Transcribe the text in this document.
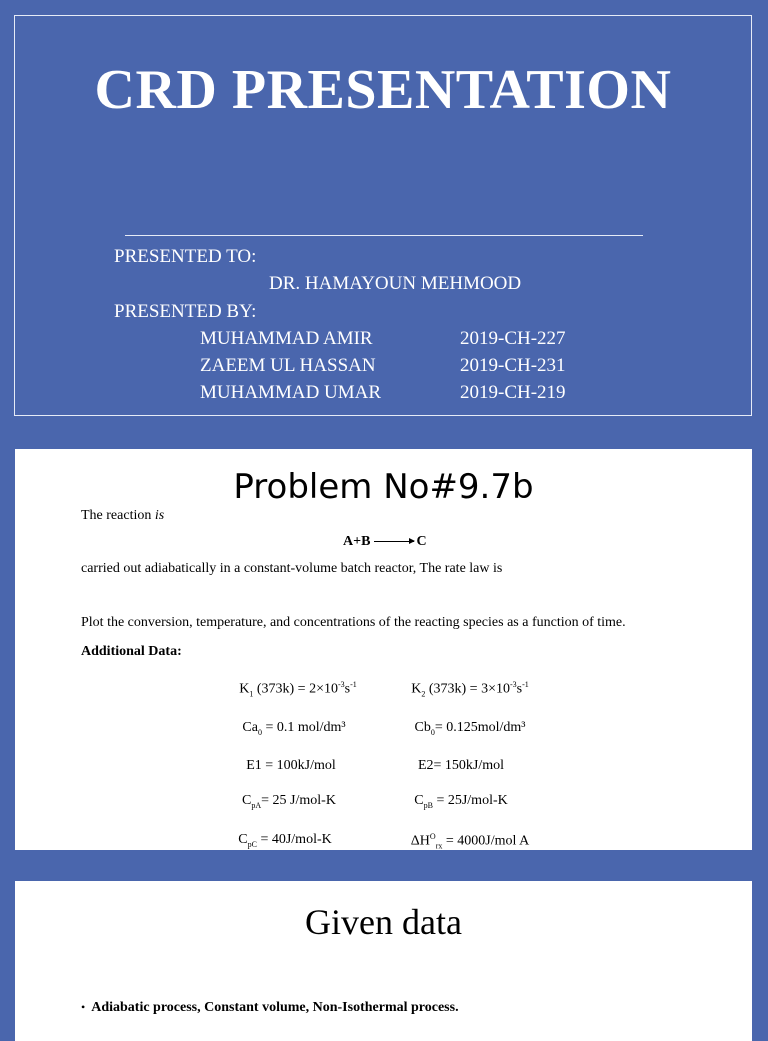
CRD PRESENTATION
PRESENTED TO:
DR. HAMAYOUN MEHMOOD
PRESENTED BY:
MUHAMMAD AMIR	2019-CH-227
ZAEEM UL HASSAN	2019-CH-231
MUHAMMAD UMAR	2019-CH-219
Problem No#9.7b
The reaction is
A+B	C
carried out adiabatically in a constant-volume batch reactor, The rate law is
Plot the conversion, temperature, and concentrations of the reacting species as a function of time.
Additional Data:
$K_1$ $(373k) = 2\times 10^{-3}s^{-1}$	$K_2$ $(373k) = 3\times 10^{-3}s^{-1}$
$Ca_0 = 0.1$ mol/dm³	$Cb_0= 0.125mol/dm^3$
E1 = 100kJ/mol	E2= 150kJ/mol
$C_{pA}= 25$ J/mol-K	$C_{pB} = 25J/mol-K$
$C_{pC} = 40J/mol-K$	$\Delta H^O_{rx} = 4000J/mol$ A
Given data
• Adiabatic process, Constant volume, Non-Isothermal process.
